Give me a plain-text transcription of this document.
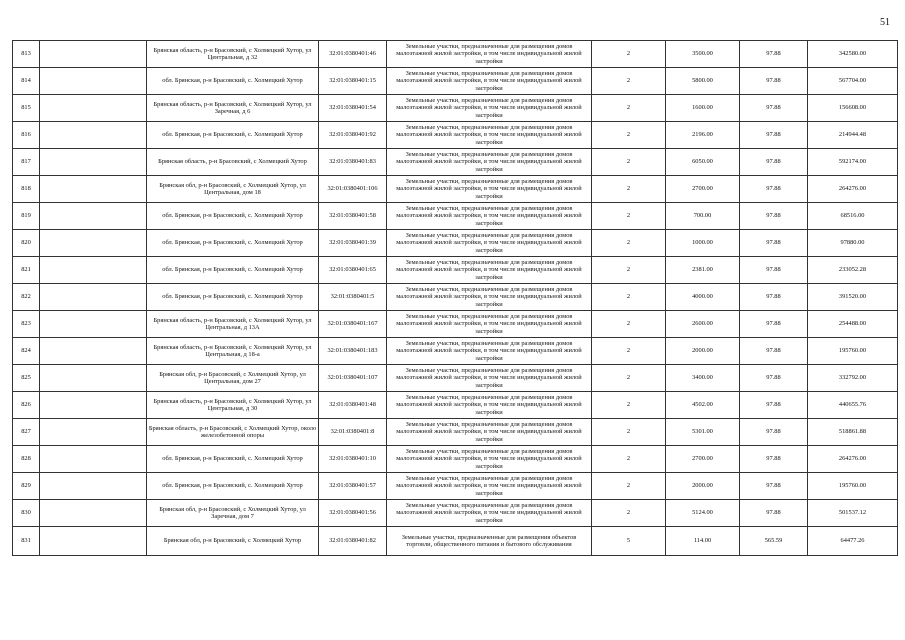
51
813		Брянская область, р-н Брасовский, с Холмецкий Хутор, ул Центральная, д 32	32:01:0380401:46	Земельные участки, предназначенные для размещения домов малоэтажной жилой застройки, в том числе индивидуальной жилой застройки	2	3500.00	97.88	342580.00
814		обл. Брянская, р-н Брасовский, с. Холмецкий Хутор	32:01:0380401:15	Земельные участки, предназначенные для размещения домов малоэтажной жилой застройки, в том числе индивидуальной жилой застройки	2	5800.00	97.88	567704.00
815		Брянская область, р-н Брасовский, с Холмецкий Хутор, ул Заречная, д 6	32:01:0380401:54	Земельные участки, предназначенные для размещения домов малоэтажной жилой застройки, в том числе индивидуальной жилой застройки	2	1600.00	97.88	156608.00
816		обл. Брянская, р-н Брасовский, с. Холмецкий Хутор	32:01:0380401:92	Земельные участки, предназначенные для размещения домов малоэтажной жилой застройки, в том числе индивидуальной жилой застройки	2	2196.00	97.88	214944.48
817		Брянская область, р-н Брасовский, с Холмецкий Хутор	32:01:0380401:83	Земельные участки, предназначенные для размещения домов малоэтажной жилой застройки, в том числе индивидуальной жилой застройки	2	6050.00	97.88	592174.00
818		Брянская обл, р-н Брасовский, с Холмецкий Хутор, ул Центральная, дом 18	32:01:0380401:106	Земельные участки, предназначенные для размещения домов малоэтажной жилой застройки, в том числе индивидуальной жилой застройки	2	2700.00	97.88	264276.00
819		обл. Брянская, р-н Брасовский, с. Холмецкий Хутор	32:01:0380401:58	Земельные участки, предназначенные для размещения домов малоэтажной жилой застройки, в том числе индивидуальной жилой застройки	2	700.00	97.88	68516.00
820		обл. Брянская, р-н Брасовский, с. Холмецкий Хутор	32:01:0380401:39	Земельные участки, предназначенные для размещения домов малоэтажной жилой застройки, в том числе индивидуальной жилой застройки	2	1000.00	97.88	97880.00
821		обл. Брянская, р-н Брасовский, с. Холмецкий Хутор	32:01:0380401:65	Земельные участки, предназначенные для размещения домов малоэтажной жилой застройки, в том числе индивидуальной жилой застройки	2	2381.00	97.88	233052.28
822		обл. Брянская, р-н Брасовский, с. Холмецкий Хутор	32:01:0380401:5	Земельные участки, предназначенные для размещения домов малоэтажной жилой застройки, в том числе индивидуальной жилой застройки	2	4000.00	97.88	391520.00
823		Брянская область, р-н Брасовский, с Холмецкий Хутор, ул Центральная, д 13А	32:01:0380401:167	Земельные участки, предназначенные для размещения домов малоэтажной жилой застройки, в том числе индивидуальной жилой застройки	2	2600.00	97.88	254488.00
824		Брянская область, р-н Брасовский, с Холмецкий Хутор, ул Центральная, д 18-а	32:01:0380401:183	Земельные участки, предназначенные для размещения домов малоэтажной жилой застройки, в том числе индивидуальной жилой застройки	2	2000.00	97.88	195760.00
825		Брянская обл, р-н Брасовский, с Холмецкий Хутор, ул Центральная, дом 27	32:01:0380401:107	Земельные участки, предназначенные для размещения домов малоэтажной жилой застройки, в том числе индивидуальной жилой застройки	2	3400.00	97.88	332792.00
826		Брянская область, р-н Брасовский, с Холмецкий Хутор, ул Центральная, д 30	32:01:0380401:48	Земельные участки, предназначенные для размещения домов малоэтажной жилой застройки, в том числе индивидуальной жилой застройки	2	4502.00	97.88	440655.76
827		Брянская область, р-н Брасовский, с Холмецкий Хутор, около железобетонной опоры	32:01:0380401:8	Земельные участки, предназначенные для размещения домов малоэтажной жилой застройки, в том числе индивидуальной жилой застройки	2	5301.00	97.88	518861.88
828		обл. Брянская, р-н Брасовский, с. Холмецкий Хутор	32:01:0380401:10	Земельные участки, предназначенные для размещения домов малоэтажной жилой застройки, в том числе индивидуальной жилой застройки	2	2700.00	97.88	264276.00
829		обл. Брянская, р-н Брасовский, с. Холмецкий Хутор	32:01:0380401:57	Земельные участки, предназначенные для размещения домов малоэтажной жилой застройки, в том числе индивидуальной жилой застройки	2	2000.00	97.88	195760.00
830		Брянская обл, р-н Брасовский, с Холмецкий Хутор, ул Заречная, дом 7	32:01:0380401:56	Земельные участки, предназначенные для размещения домов малоэтажной жилой застройки, в том числе индивидуальной жилой застройки	2	5124.00	97.88	501537.12
831		Брянская обл, р-н Брасовский, с Холмецкий Хутор	32:01:0380401:82	Земельные участки, предназначенные для размещения объектов торговли, общественного питания и бытового обслуживания	5	114.00	565.59	64477.26
